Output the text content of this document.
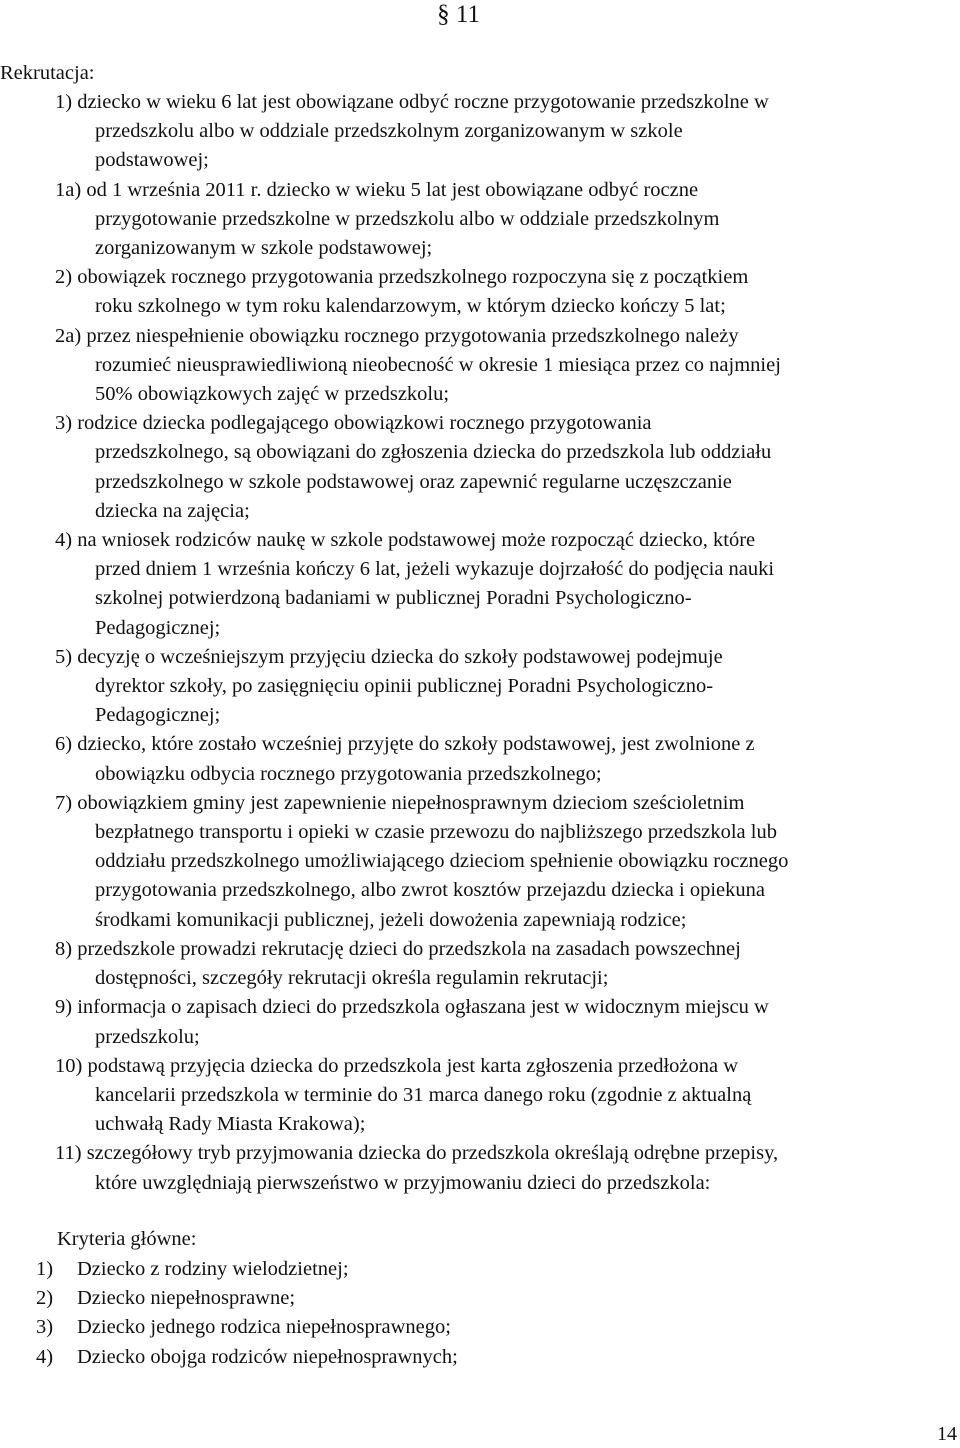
§ 11
Rekrutacja:
1) dziecko w wieku 6 lat jest obowiązane odbyć roczne przygotowanie przedszkolne w
przedszkolu albo w oddziale przedszkolnym zorganizowanym w szkole
podstawowej;
1a) od 1 września 2011 r. dziecko w wieku 5 lat jest obowiązane odbyć roczne
przygotowanie przedszkolne w przedszkolu albo w oddziale przedszkolnym
zorganizowanym w szkole podstawowej;
2) obowiązek rocznego przygotowania przedszkolnego rozpoczyna się z początkiem
roku szkolnego w tym roku kalendarzowym, w którym dziecko kończy 5 lat;
2a) przez niespełnienie obowiązku rocznego przygotowania przedszkolnego należy
rozumieć nieusprawiedliwioną nieobecność w okresie 1 miesiąca przez co najmniej
50% obowiązkowych zajęć w przedszkolu;
3) rodzice dziecka podlegającego obowiązkowi rocznego przygotowania
przedszkolnego, są obowiązani do zgłoszenia dziecka do przedszkola lub oddziału
przedszkolnego w szkole podstawowej oraz zapewnić regularne uczęszczanie
dziecka na zajęcia;
4) na wniosek rodziców naukę w szkole podstawowej może rozpocząć dziecko, które
przed dniem 1 września kończy 6 lat, jeżeli wykazuje dojrzałość do podjęcia nauki
szkolnej potwierdzoną badaniami w publicznej Poradni Psychologiczno-
Pedagogicznej;
5) decyzję o wcześniejszym przyjęciu dziecka do szkoły podstawowej podejmuje
dyrektor szkoły, po zasięgnięciu opinii publicznej Poradni Psychologiczno-
Pedagogicznej;
6) dziecko, które zostało wcześniej przyjęte do szkoły podstawowej, jest zwolnione z
obowiązku odbycia rocznego przygotowania przedszkolnego;
7) obowiązkiem gminy jest zapewnienie niepełnosprawnym dzieciom sześcioletnim
bezpłatnego transportu i opieki w czasie przewozu do najbliższego przedszkola lub
oddziału przedszkolnego umożliwiającego dzieciom spełnienie obowiązku rocznego
przygotowania przedszkolnego, albo zwrot kosztów przejazdu dziecka i opiekuna
środkami komunikacji publicznej, jeżeli dowożenia zapewniają rodzice;
8) przedszkole prowadzi rekrutację dzieci do przedszkola na zasadach powszechnej
dostępności, szczegóły rekrutacji określa regulamin rekrutacji;
9) informacja o zapisach dzieci do przedszkola ogłaszana jest w widocznym miejscu w
przedszkolu;
10) podstawą przyjęcia dziecka do przedszkola jest karta zgłoszenia przedłożona w
kancelarii przedszkola w terminie do 31 marca danego roku (zgodnie z aktualną
uchwałą Rady Miasta Krakowa);
11) szczegółowy tryb przyjmowania dziecka do przedszkola określają odrębne przepisy,
które uwzględniają pierwszeństwo w przyjmowaniu dzieci do przedszkola:
Kryteria główne:
1)	Dziecko z rodziny wielodzietnej;
2)	Dziecko niepełnosprawne;
3)	Dziecko jednego rodzica niepełnosprawnego;
4)	Dziecko obojga rodziców niepełnosprawnych;
14
